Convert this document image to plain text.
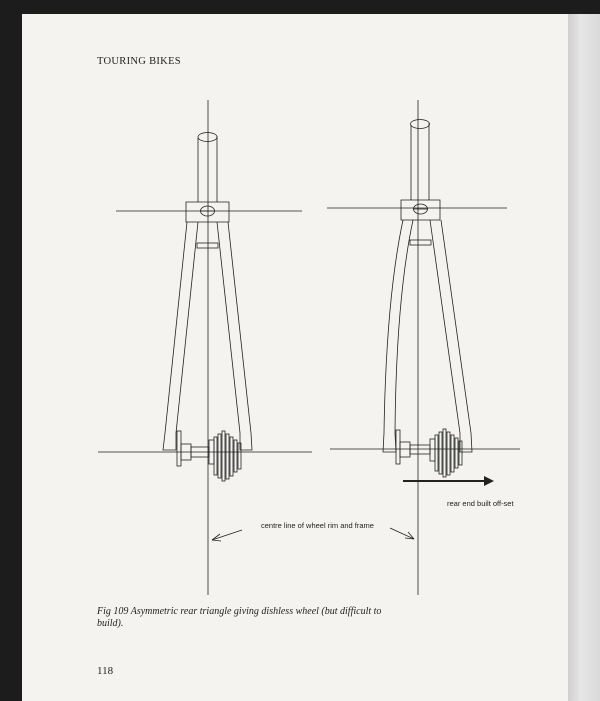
TOURING BIKES
centre line of wheel rim and frame
rear end built off-set
Fig 109 Asymmetric rear triangle giving dishless wheel (but difficult to build).
118
